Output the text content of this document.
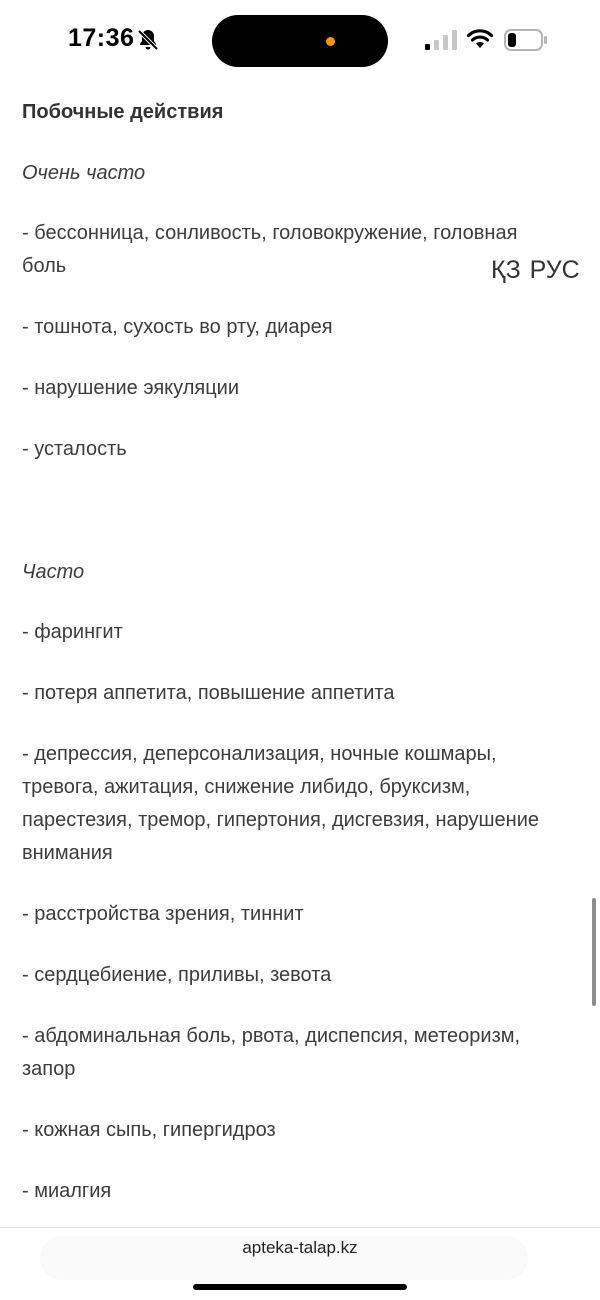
17:36
Побочные действия
Очень часто
- бессонница, сонливость, головокружение, головная боль
- тошнота, сухость во рту, диарея
- нарушение эякуляции
- усталость
Часто
- фарингит
- потеря аппетита, повышение аппетита
- депрессия, деперсонализация, ночные кошмары, тревога, ажитация, снижение либидо, бруксизм, парестезия, тремор, гипертония, дисгевзия, нарушение внимания
- расстройства зрения, тиннит
- сердцебиение, приливы, зевота
- абдоминальная боль, рвота, диспепсия, метеоризм, запор
- кожная сыпь, гипергидроз
- миалгия
ҚЗ РУС
apteka-talap.kz
